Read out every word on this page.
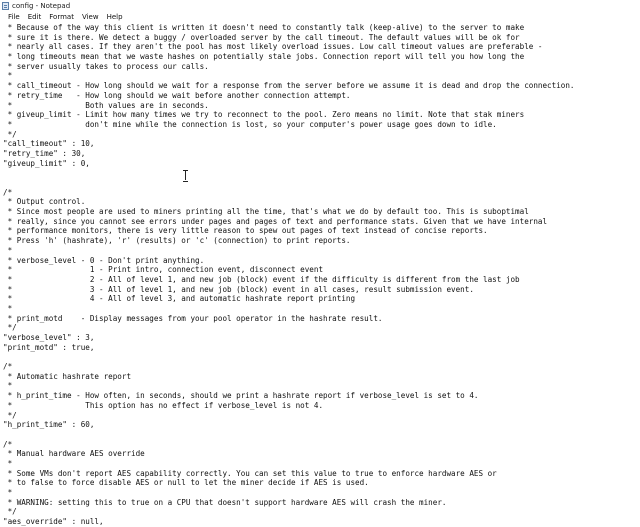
config - Notepad
File	Edit	Format	View	Help
* Because of the way this client is written it doesn't need to constantly talk (keep-alive) to the server to make
* sure it is there. We detect a buggy / overloaded server by the call timeout. The default values will be ok for
* nearly all cases. If they aren't the pool has most likely overload issues. Low call timeout values are preferable -
* long timeouts mean that we waste hashes on potentially stale jobs. Connection report will tell you how long the
* server usually takes to process our calls.
*
* call_timeout - How long should we wait for a response from the server before we assume it is dead and drop the connection.
* retry_time   - How long should we wait before another connection attempt.
*                Both values are in seconds.
* giveup_limit - Limit how many times we try to reconnect to the pool. Zero means no limit. Note that stak miners
*                don't mine while the connection is lost, so your computer's power usage goes down to idle.
*/
"call_timeout" : 10,
"retry_time" : 30,
"giveup_limit" : 0,
/*
* Output control.
* Since most people are used to miners printing all the time, that's what we do by default too. This is suboptimal
* really, since you cannot see errors under pages and pages of text and performance stats. Given that we have internal
* performance monitors, there is very little reason to spew out pages of text instead of concise reports.
* Press 'h' (hashrate), 'r' (results) or 'c' (connection) to print reports.
*
* verbose_level - 0 - Don't print anything.
*                 1 - Print intro, connection event, disconnect event
*                 2 - All of level 1, and new job (block) event if the difficulty is different from the last job
*                 3 - All of level 1, and new job (block) event in all cases, result submission event.
*                 4 - All of level 3, and automatic hashrate report printing
*
* print_motd    - Display messages from your pool operator in the hashrate result.
*/
"verbose_level" : 3,
"print_motd" : true,
/*
* Automatic hashrate report
*
* h_print_time - How often, in seconds, should we print a hashrate report if verbose_level is set to 4.
*                This option has no effect if verbose_level is not 4.
*/
"h_print_time" : 60,
/*
* Manual hardware AES override
*
* Some VMs don't report AES capability correctly. You can set this value to true to enforce hardware AES or
* to false to force disable AES or null to let the miner decide if AES is used.
*
* WARNING: setting this to true on a CPU that doesn't support hardware AES will crash the miner.
*/
"aes_override" : null,
